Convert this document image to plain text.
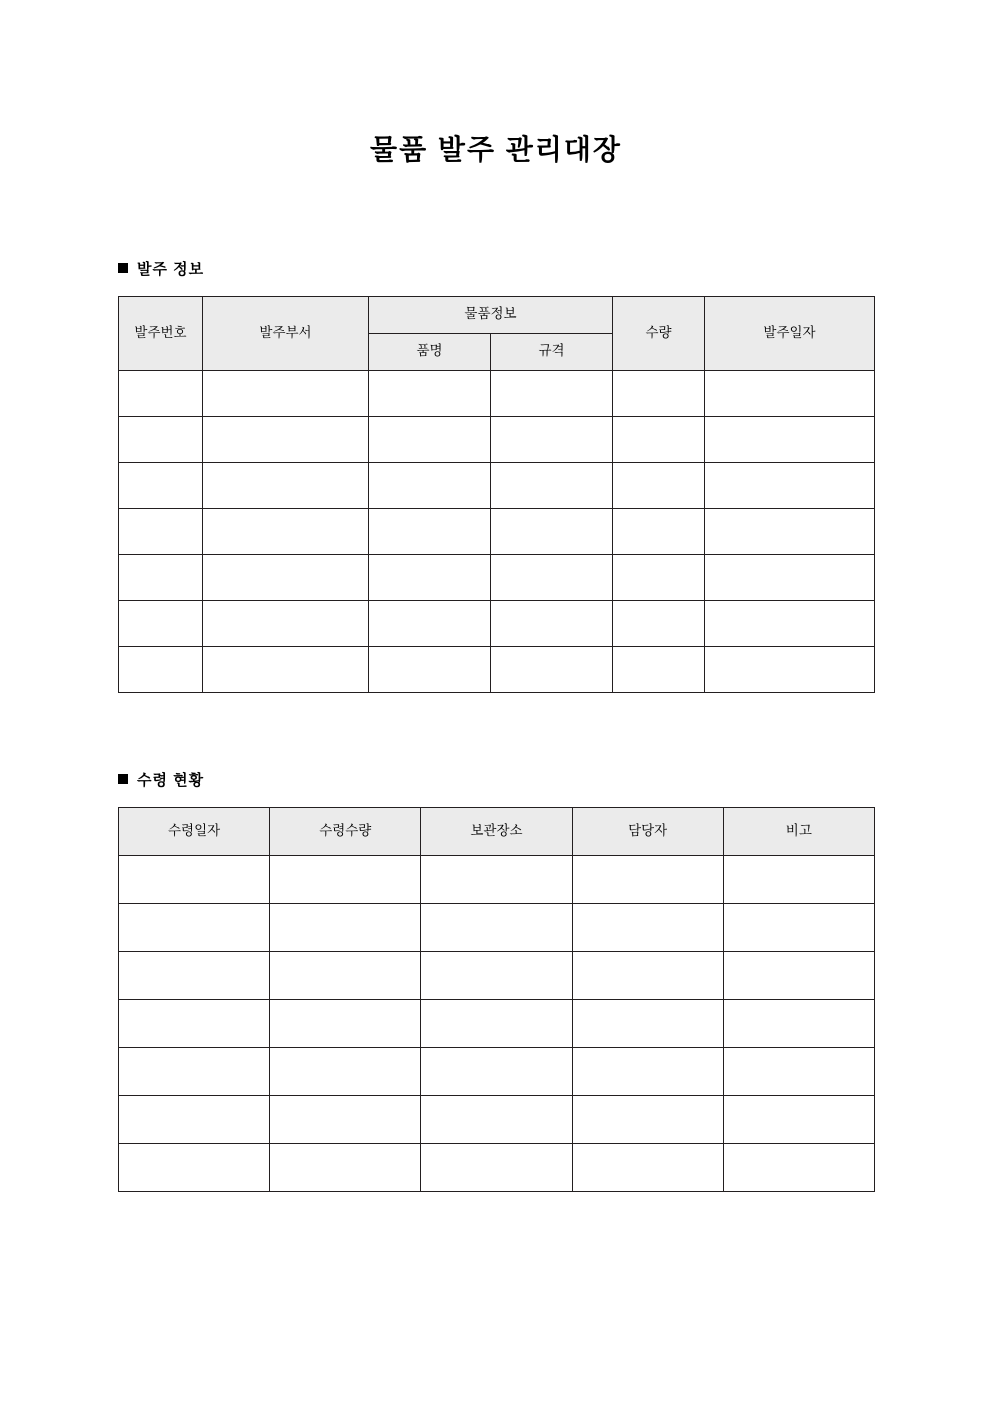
물품 발주 관리대장
발주 정보
발주번호	발주부서	물품정보		수량	발주일자
		품명	규격		

수령 현황
수령일자	수령수량	보관장소	담당자	비고
